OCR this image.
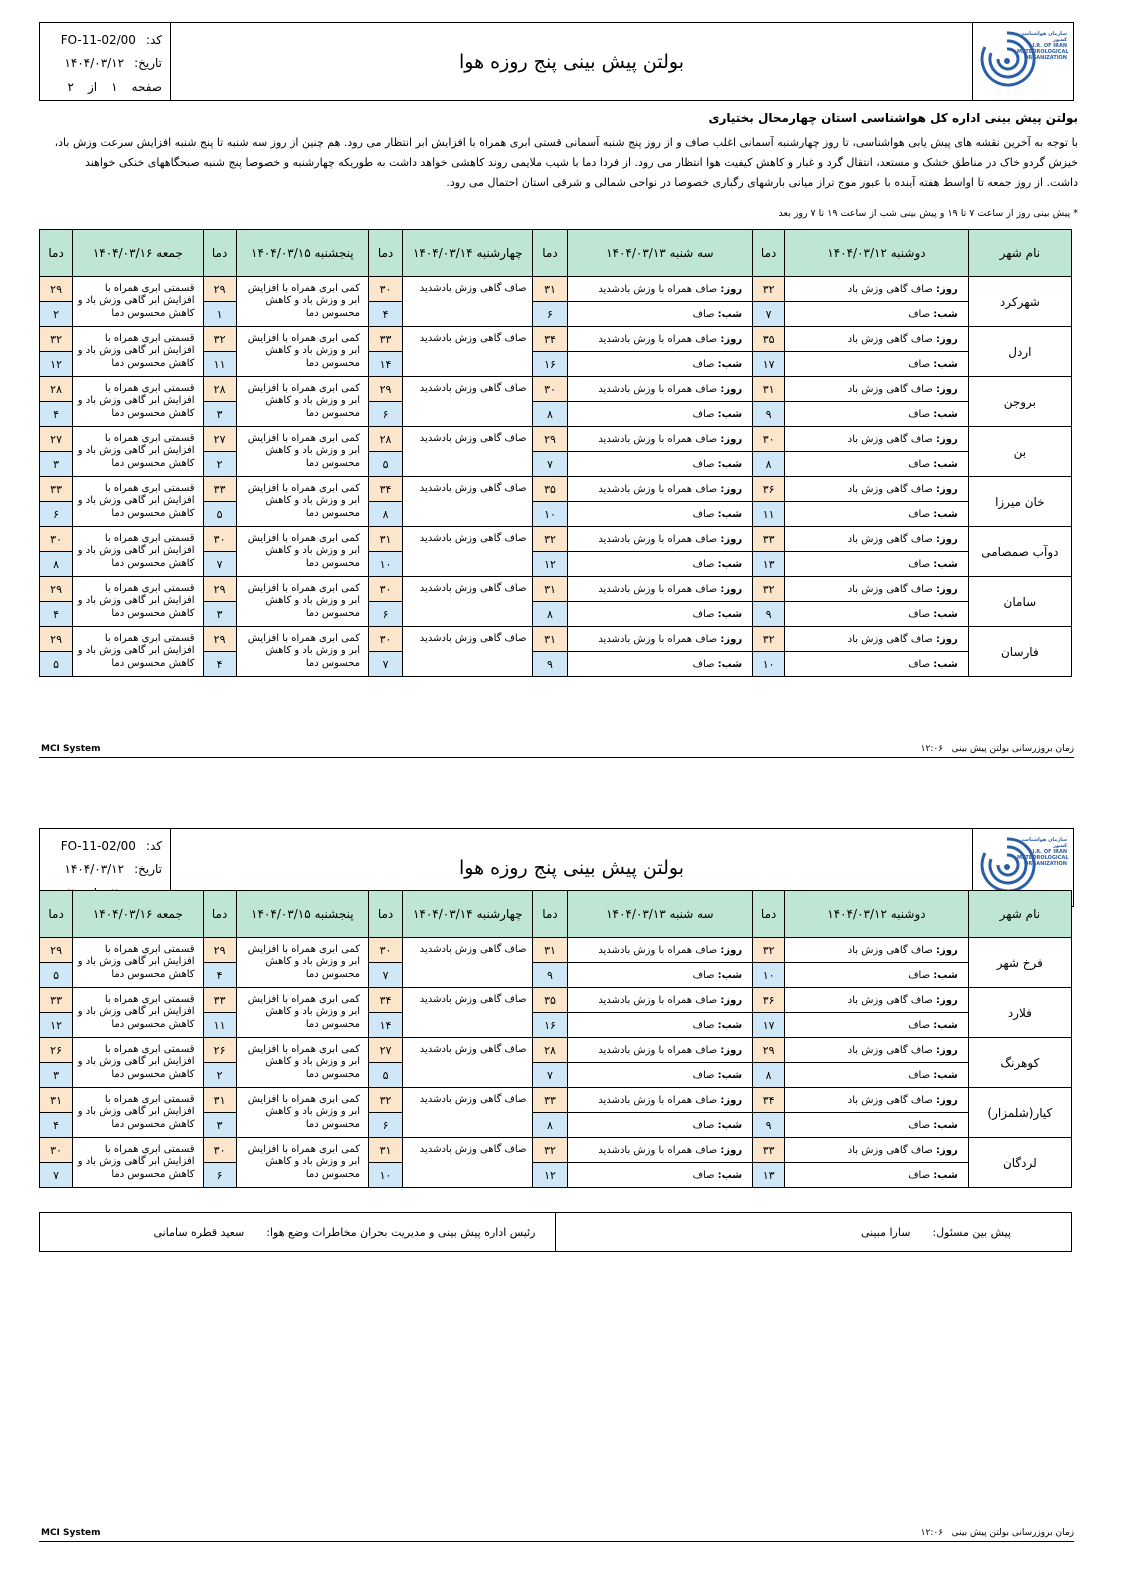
کد:FO-11-02/00
تاریخ:۱۴۰۴/۰۳/۱۲
صفحه۱از۲
بولتن پیش بینی پنج روزه هوا
سازمان هواشناسی کشور
I.R. OF IRAN METEOROLOGICAL ORGANIZATION
بولتن پیش بینی اداره کل هواشناسی استان چهارمحال بختیاری
با توجه به آخرین نقشه های پیش یابی هواشناسی، تا روز چهارشنبه آسمانی اغلب صاف و از روز پنج شنبه آسمانی قستی ابری همراه با افزایش ابر انتظار می رود. هم چنین از روز سه شنبه تا پنج شنبه افزایش سرعت وزش باد، خیزش گردو خاک در مناطق خشک و مستعد، انتقال گرد و غبار و کاهش کیفیت هوا انتظار می رود. از فردا دما با شیب ملایمی روند کاهشی خواهد داشت به طوریکه چهارشنبه و خصوصا پنج شنبه صبحگاههای خنکی خواهند داشت. از روز جمعه تا اواسط هفته آینده با عبور موج تراز میانی بارشهای رگباری خصوصا در نواحی شمالی و شرقی استان احتمال می رود.
* پیش بینی روز از ساعت ۷ تا ۱۹ و پیش بینی شب از ساعت ۱۹ تا ۷ روز بعد
نام شهر	دوشنبه ۱۴۰۴/۰۳/۱۲	دما	سه شنبه ۱۴۰۴/۰۳/۱۳	دما	چهارشنبه ۱۴۰۴/۰۳/۱۴	دما	پنجشنبه ۱۴۰۴/۰۳/۱۵	دما	جمعه ۱۴۰۴/۰۳/۱۶	دما
شهرکرد	روز: صاف گاهی وزش باد	۳۲	روز: صاف همراه با وزش بادشدید	۳۱	صاف گاهی وزش بادشدید	۳۰	کمی ابری همراه با افزایش ابر و وزش باد و کاهش محسوس دما	۲۹	قسمتی ابری همراه با افزایش ابر گاهی وزش باد و کاهش محسوس دما	۲۹
	شب: صاف	۷	شب: صاف	۶		۴		۱		۲
اردل	روز: صاف گاهی وزش باد	۳۵	روز: صاف همراه با وزش بادشدید	۳۴	صاف گاهی وزش بادشدید	۳۳	کمی ابری همراه با افزایش ابر و وزش باد و کاهش محسوس دما	۳۲	قسمتی ابری همراه با افزایش ابر گاهی وزش باد و کاهش محسوس دما	۳۲
	شب: صاف	۱۷	شب: صاف	۱۶		۱۴		۱۱		۱۲
بروجن	روز: صاف گاهی وزش باد	۳۱	روز: صاف همراه با وزش بادشدید	۳۰	صاف گاهی وزش بادشدید	۲۹	کمی ابری همراه با افزایش ابر و وزش باد و کاهش محسوس دما	۲۸	قسمتی ابری همراه با افزایش ابر گاهی وزش باد و کاهش محسوس دما	۲۸
	شب: صاف	۹	شب: صاف	۸		۶		۳		۴
بن	روز: صاف گاهی وزش باد	۳۰	روز: صاف همراه با وزش بادشدید	۲۹	صاف گاهی وزش بادشدید	۲۸	کمی ابری همراه با افزایش ابر و وزش باد و کاهش محسوس دما	۲۷	قسمتی ابری همراه با افزایش ابر گاهی وزش باد و کاهش محسوس دما	۲۷
	شب: صاف	۸	شب: صاف	۷		۵		۲		۳
خان میرزا	روز: صاف گاهی وزش باد	۳۶	روز: صاف همراه با وزش بادشدید	۳۵	صاف گاهی وزش بادشدید	۳۴	کمی ابری همراه با افزایش ابر و وزش باد و کاهش محسوس دما	۳۳	قسمتی ابری همراه با افزایش ابر گاهی وزش باد و کاهش محسوس دما	۳۳
	شب: صاف	۱۱	شب: صاف	۱۰		۸		۵		۶
دوآب صمصامی	روز: صاف گاهی وزش باد	۳۳	روز: صاف همراه با وزش بادشدید	۳۲	صاف گاهی وزش بادشدید	۳۱	کمی ابری همراه با افزایش ابر و وزش باد و کاهش محسوس دما	۳۰	قسمتی ابری همراه با افزایش ابر گاهی وزش باد و کاهش محسوس دما	۳۰
	شب: صاف	۱۳	شب: صاف	۱۲		۱۰		۷		۸
سامان	روز: صاف گاهی وزش باد	۳۲	روز: صاف همراه با وزش بادشدید	۳۱	صاف گاهی وزش بادشدید	۳۰	کمی ابری همراه با افزایش ابر و وزش باد و کاهش محسوس دما	۲۹	قسمتی ابری همراه با افزایش ابر گاهی وزش باد و کاهش محسوس دما	۲۹
	شب: صاف	۹	شب: صاف	۸		۶		۳		۴
فارسان	روز: صاف گاهی وزش باد	۳۲	روز: صاف همراه با وزش بادشدید	۳۱	صاف گاهی وزش بادشدید	۳۰	کمی ابری همراه با افزایش ابر و وزش باد و کاهش محسوس دما	۲۹	قسمتی ابری همراه با افزایش ابر گاهی وزش باد و کاهش محسوس دما	۲۹
	شب: صاف	۱۰	شب: صاف	۹		۷		۴		۵
MCI System	زمان بروزرسانی بولتن پیش بینی   ۱۲:۰۶
کد:FO-11-02/00
تاریخ:۱۴۰۴/۰۳/۱۲	بولتن پیش بینی پنج روزه هوا
سازمان هواشناسی کشور
I.R. OF IRAN METEOROLOGICAL ORGANIZATION
نام شهر	دوشنبه ۱۴۰۴/۰۳/۱۲	دما	سه شنبه ۱۴۰۴/۰۳/۱۳	دما	چهارشنبه ۱۴۰۴/۰۳/۱۴	دما	پنجشنبه ۱۴۰۴/۰۳/۱۵	دما	جمعه ۱۴۰۴/۰۳/۱۶	دما
فرخ شهر	روز: صاف گاهی وزش باد	۳۲	روز: صاف همراه با وزش بادشدید	۳۱	صاف گاهی وزش بادشدید	۳۰	کمی ابری همراه با افزایش ابر و وزش باد و کاهش محسوس دما	۲۹	قسمتی ابری همراه با افزایش ابر گاهی وزش باد و کاهش محسوس دما	۲۹
	شب: صاف	۱۰	شب: صاف	۹		۷		۴		۵
فلارد	روز: صاف گاهی وزش باد	۳۶	روز: صاف همراه با وزش بادشدید	۳۵	صاف گاهی وزش بادشدید	۳۴	کمی ابری همراه با افزایش ابر و وزش باد و کاهش محسوس دما	۳۳	قسمتی ابری همراه با افزایش ابر گاهی وزش باد و کاهش محسوس دما	۳۳
	شب: صاف	۱۷	شب: صاف	۱۶		۱۴		۱۱		۱۲
کوهرنگ	روز: صاف گاهی وزش باد	۲۹	روز: صاف همراه با وزش بادشدید	۲۸	صاف گاهی وزش بادشدید	۲۷	کمی ابری همراه با افزایش ابر و وزش باد و کاهش محسوس دما	۲۶	قسمتی ابری همراه با افزایش ابر گاهی وزش باد و کاهش محسوس دما	۲۶
	شب: صاف	۸	شب: صاف	۷		۵		۲		۳
کیار(شلمزار)	روز: صاف گاهی وزش باد	۳۴	روز: صاف همراه با وزش بادشدید	۳۳	صاف گاهی وزش بادشدید	۳۲	کمی ابری همراه با افزایش ابر و وزش باد و کاهش محسوس دما	۳۱	قسمتی ابری همراه با افزایش ابر گاهی وزش باد و کاهش محسوس دما	۳۱
	شب: صاف	۹	شب: صاف	۸		۶		۳		۴
لردگان	روز: صاف گاهی وزش باد	۳۳	روز: صاف همراه با وزش بادشدید	۳۲	صاف گاهی وزش بادشدید	۳۱	کمی ابری همراه با افزایش ابر و وزش باد و کاهش محسوس دما	۳۰	قسمتی ابری همراه با افزایش ابر گاهی وزش باد و کاهش محسوس دما	۳۰
	شب: صاف	۱۳	شب: صاف	۱۲		۱۰		۶		۷
پیش بین مسئول:سارا مبینی
رئیس اداره پیش بینی و مدیریت بحران مخاطرات وضع هوا:سعید قطره سامانی
MCI System	زمان بروزرسانی بولتن پیش بینی   ۱۲:۰۶
